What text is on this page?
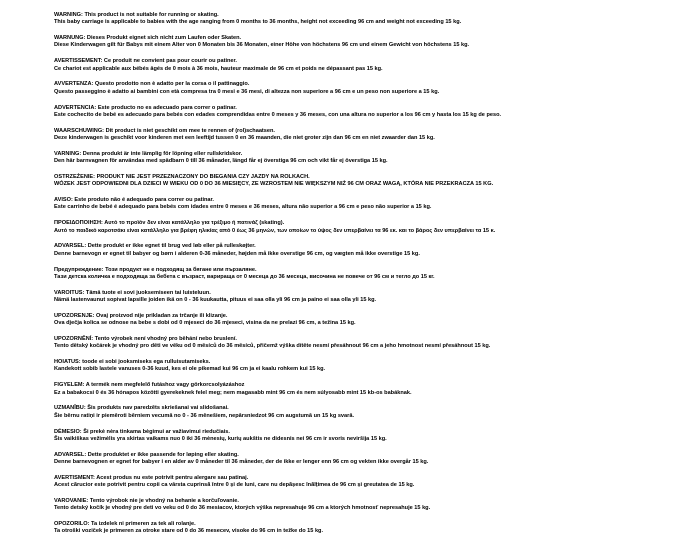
WARNING: This product is not suitable for running or skating.
This baby carriage is applicable to babies with the age ranging from 0 months to 36 months, height not exceeding 96 cm and weight not exceeding 15 kg.
WARNUNG: Dieses Produkt eignet sich nicht zum Laufen oder Skaten.
Diese Kinderwagen gilt für Babys mit einem Alter von 0 Monaten bis 36 Monaten, einer Höhe von höchstens 96 cm und einem Gewicht von höchstens 15 kg.
AVERTISSEMENT: Ce produit ne convient pas pour courir ou patiner.
Ce chariot est applicable aux bébés âgés de 0 mois à 36 mois, hauteur maximale de 96 cm et poids ne dépassant pas 15 kg.
AVVERTENZA: Questo prodotto non è adatto per la corsa o il pattinaggio.
Questo passeggino è adatto ai bambini con età compresa tra 0 mesi e 36 mesi, di altezza non superiore a 96 cm e un peso non superiore a 15 kg.
ADVERTENCIA: Este producto no es adecuado para correr o patinar.
Este cochecito de bebé es adecuado para bebés con edades comprendidas entre 0 meses y 36 meses, con una altura no superior a los 96 cm y hasta los 15 kg de peso.
WAARSCHUWING: Dit product is niet geschikt om mee te rennen of (rol)schaatsen.
Deze kinderwagen is geschikt voor kinderen met een leeftijd tussen 0 en 36 maanden, die niet groter zijn dan 96 cm en niet zwaarder dan 15 kg.
VARNING: Denna produkt är inte lämplig för löpning eller rullskridskor.
Den här barnvagnen för användas med spädbarn 0 till 36 månader, längd får ej överstiga 96 cm och vikt får ej överstiga 15 kg.
OSTRZEŻENIE: PRODUKT NIE JEST PRZEZNACZONY DO BIEGANIA CZY JAZDY NA ROLKACH.
WÓZEK JEST ODPOWIEDNI DLA DZIECI W WIEKU OD 0 DO 36 MIESIĘCY, ZE WZROSTEM NIE WIĘKSZYM NIŻ 96 CM ORAZ WAGĄ, KTÓRA NIE PRZEKRACZA 15 KG.
AVISO: Este produto não é adequado para correr ou patinar.
Este carrinho de bebé é adequado para bebés com idades entre 0 meses e 36 meses, altura não superior a 96 cm e peso não superior a 15 kg.
ΠΡΟΕΙΔΟΠΟΙΗΣΗ: Αυτό το προϊόν δεν είναι κατάλληλο για τρέξιμο ή πατινάζ (skating).
Αυτό το παιδικό καροτσάκι είναι κατάλληλο για βρέφη ηλικίας από 0 έως 36 μηνών, των οποίων το ύψος δεν υπερβαίνει τα 96 εκ. και το βάρος δεν υπερβαίνει τα 15 κ.
ADVARSEL: Dette produkt er ikke egnet til brug ved løb eller på rulleskøjter.
Denne barnevogn er egnet til babyer og børn i alderen 0-36 måneder, højden må ikke overstige 96 cm, og vægten må ikke overstige 15 kg.
Предупреждение: Този продукт не е подходящ за бягане или пързаляне.
Тази детска количка е подходяща за бебета с възраст, варираща от 0 месеца до 36 месеца, височина не повече от 96 см и тегло до 15 кг.
VAROITUS: Tämä tuote ei sovi juoksemiseen tai luisteluun.
Nämä lastenvaunut sopivat lapsille joiden ikä on 0 - 36 kuukautta, pituus ei saa olla yli 96 cm ja paino ei saa olla yli 15 kg.
UPOZORENJE: Ovaj proizvod nije prikladan za trčanje ili klizanje.
Ova dječja kolica se odnose na bebe s dobi od 0 mjeseci do 36 mjeseci, visina da ne prelazi 96 cm, a težina 15 kg.
UPOZORNĚNÍ: Tento výrobek není vhodný pro běhání nebo bruslení.
Tento dětský kočárek je vhodný pro děti ve věku od 0 měsíců do 36 měsíců, přičemž výška dítěte nesmí přesáhnout 96 cm a jeho hmotnost nesmí přesáhnout 15 kg.
HOIATUS: toode ei sobi jooksmiseks ega rulluisutamiseks.
Kandekott sobib lastele vanuses 0-36 kuud, kes ei ole pikemad kui 96 cm ja ei kaalu rohkem kui 15 kg.
FIGYELEM: A termék nem megfelelő futáshoz vagy görkorcsolyázáshoz
Ez a babakocsi 0 és 36 hónapos közötti gyerekeknek felel meg; nem magasabb mint 96 cm és nem súlyosabb mint 15 kb-os babáknak.
UZMANĪBU: Šis produkts nav paredzēts skriešanai vai slidošanai.
Šie bērnu ratiņi ir piemēroti bērniem vecumā no 0 - 36 mēnešiem, nepārsniedzot 96 cm augstumā un 15 kg svarā.
DĖMESIO: Ši prekė nėra tinkama bėgimui ar važiavimui riedučiais.
Šis vaikiškas vežimėlis yra skirtas vaikams nuo 0 iki 36 mėnesių, kurių aukštis ne didesnis nei 96 cm ir svoris neviršija 15 kg.
ADVARSEL: Dette produktet er ikke passende for løping eller skating.
Denne barnevognen er egnet for babyer i en alder av 0 måneder til 36 måneder, der de ikke er lenger enn 96 cm og vekten ikke overgår 15 kg.
AVERTISMENT: Acest produs nu este potrivit pentru alergare sau patinaj.
Acest cărucior este potrivit pentru copii ca vârsta cuprinsă între 0 și de luni, care nu depășesc înălțimea de 96 cm și greutatea de 15 kg.
VAROVANIE: Tento výrobok nie je vhodný na behanie a korčuľovanie.
Tento detský kočík je vhodný pre deti vo veku od 0 do 36 mesiacov, ktorých výška nepresahuje 96 cm a ktorých hmotnosť nepresahuje 15 kg.
OPOZORILO: Ta izdelek ni primeren za tek ali rolanje.
Ta otroški voziček je primeren za otroke stare od 0 do 36 mesecev, visoke do 96 cm in težke do 15 kg.
